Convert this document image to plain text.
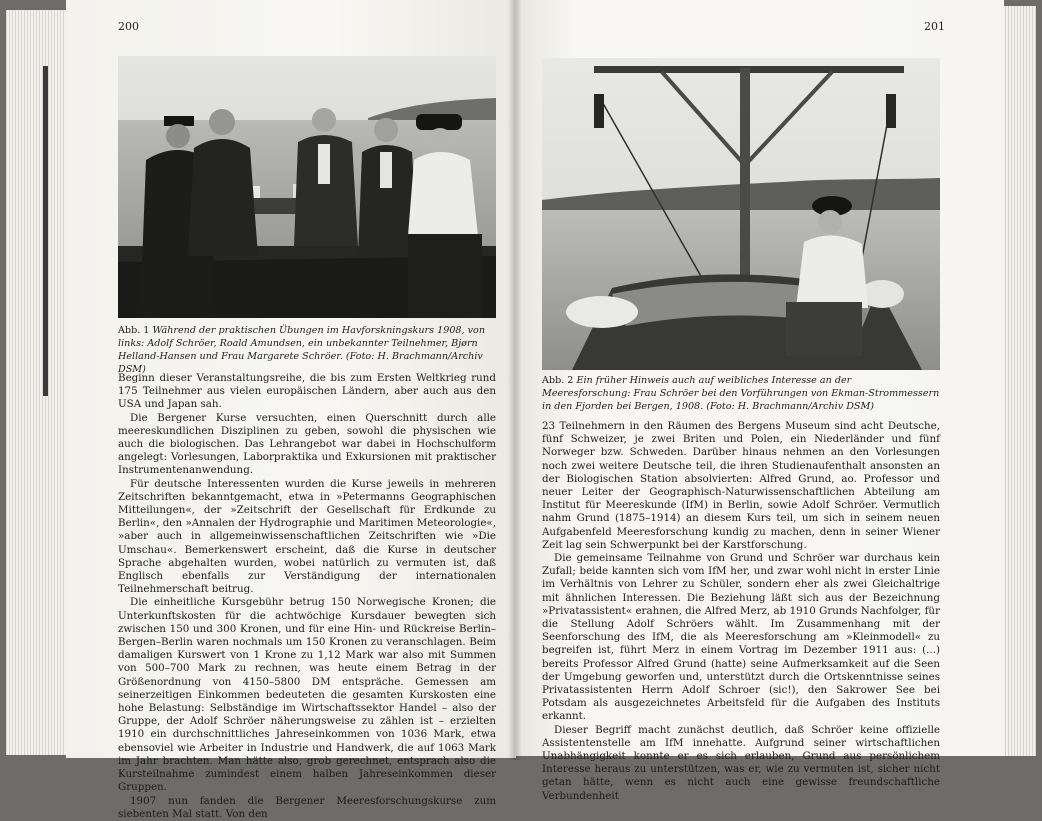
200
Abb. 1 Während der praktischen Übungen im Havforskningskurs 1908, von links: Adolf Schröer, Roald Amundsen, ein unbekannter Teilnehmer, Bjørn Helland-Hansen und Frau Margarete Schröer. (Foto: H. Brachmann/Archiv DSM)

Beginn dieser Veranstaltungsreihe, die bis zum Ersten Weltkrieg rund 175 Teilnehmer aus vielen europäischen Ländern, aber auch aus den USA und Japan sah.

Die Bergener Kurse versuchten, einen Querschnitt durch alle meereskundlichen Disziplinen zu geben, sowohl die physischen wie auch die biologischen. Das Lehrangebot war dabei in Hochschulform angelegt: Vorlesungen, Laborpraktika und Exkursionen mit praktischer Instrumentenanwendung.

Für deutsche Interessenten wurden die Kurse jeweils in mehreren Zeitschriften bekanntgemacht, etwa in »Petermanns Geographischen Mitteilungen«, der »Zeitschrift der Gesellschaft für Erdkunde zu Berlin«, den »Annalen der Hydrographie und Maritimen Meteorologie«, »aber auch in allgemeinwissenschaftlichen Zeitschriften wie »Die Umschau«. Bemerkenswert erscheint, daß die Kurse in deutscher Sprache abgehalten wurden, wobei natürlich zu vermuten ist, daß Englisch ebenfalls zur Verständigung der internationalen Teilnehmerschaft beitrug.

Die einheitliche Kursgebühr betrug 150 Norwegische Kronen; die Unterkunftskosten für die achtwöchige Kursdauer bewegten sich zwischen 150 und 300 Kronen, und für eine Hin- und Rückreise Berlin–Bergen–Berlin waren nochmals um 150 Kronen zu veranschlagen. Beim damaligen Kurswert von 1 Krone zu 1,12 Mark war also mit Summen von 500–700 Mark zu rechnen, was heute einem Betrag in der Größenordnung von 4150–5800 DM entspräche. Gemessen am seinerzeitigen Einkommen bedeuteten die gesamten Kurskosten eine hohe Belastung: Selbständige im Wirtschaftssektor Handel – also der Gruppe, der Adolf Schröer näherungsweise zu zählen ist – erzielten 1910 ein durchschnittliches Jahreseinkommen von 1036 Mark, etwa ebensoviel wie Arbeiter in Industrie und Handwerk, die auf 1063 Mark im Jahr brachten. Man hätte also, grob gerechnet, entsprach also die Kursteilnahme zumindest einem halben Jahreseinkommen dieser Gruppen.

1907 nun fanden die Bergener Meeresforschungskurse zum siebenten Mal statt. Von den

201
Abb. 2 Ein früher Hinweis auch auf weibliches Interesse an der Meeresforschung: Frau Schröer bei den Vorführungen von Ekman-Strommessern in den Fjorden bei Bergen, 1908. (Foto: H. Brachmann/Archiv DSM)

23 Teilnehmern in den Räumen des Bergens Museum sind acht Deutsche, fünf Schweizer, je zwei Briten und Polen, ein Niederländer und fünf Norweger bzw. Schweden. Darüber hinaus nehmen an den Vorlesungen noch zwei weitere Deutsche teil, die ihren Studienaufenthalt ansonsten an der Biologischen Station absolvierten: Alfred Grund, ao. Professor und neuer Leiter der Geographisch-Naturwissenschaftlichen Abteilung am Institut für Meereskunde (IfM) in Berlin, sowie Adolf Schröer. Vermutlich nahm Grund (1875–1914) an diesem Kurs teil, um sich in seinem neuen Aufgabenfeld Meeresforschung kundig zu machen, denn in seiner Wiener Zeit lag sein Schwerpunkt bei der Karstforschung.

Die gemeinsame Teilnahme von Grund und Schröer war durchaus kein Zufall; beide kannten sich vom IfM her, und zwar wohl nicht in erster Linie im Verhältnis von Lehrer zu Schüler, sondern eher als zwei Gleichaltrige mit ähnlichen Interessen. Die Beziehung läßt sich aus der Bezeichnung »Privatassistent« erahnen, die Alfred Merz, ab 1910 Grunds Nachfolger, für die Stellung Adolf Schröers wählt. Im Zusammenhang mit der Seenforschung des IfM, die als Meeresforschung am »Kleinmodell« zu begreifen ist, führt Merz in einem Vortrag im Dezember 1911 aus: (...) bereits Professor Alfred Grund (hatte) seine Aufmerksamkeit auf die Seen der Umgebung geworfen und, unterstützt durch die Ortskenntnisse seines Privatassistenten Herrn Adolf Schroer (sic!), den Sakrower See bei Potsdam als ausgezeichnetes Arbeitsfeld für die Aufgaben des Instituts erkannt.

Dieser Begriff macht zunächst deutlich, daß Schröer keine offizielle Assistentenstelle am IfM innehatte. Aufgrund seiner wirtschaftlichen Unabhängigkeit konnte er es sich erlauben, Grund aus persönlichem Interesse heraus zu unterstützen, was er, wie zu vermuten ist, sicher nicht getan hätte, wenn es nicht auch eine gewisse freundschaftliche Verbundenheit
